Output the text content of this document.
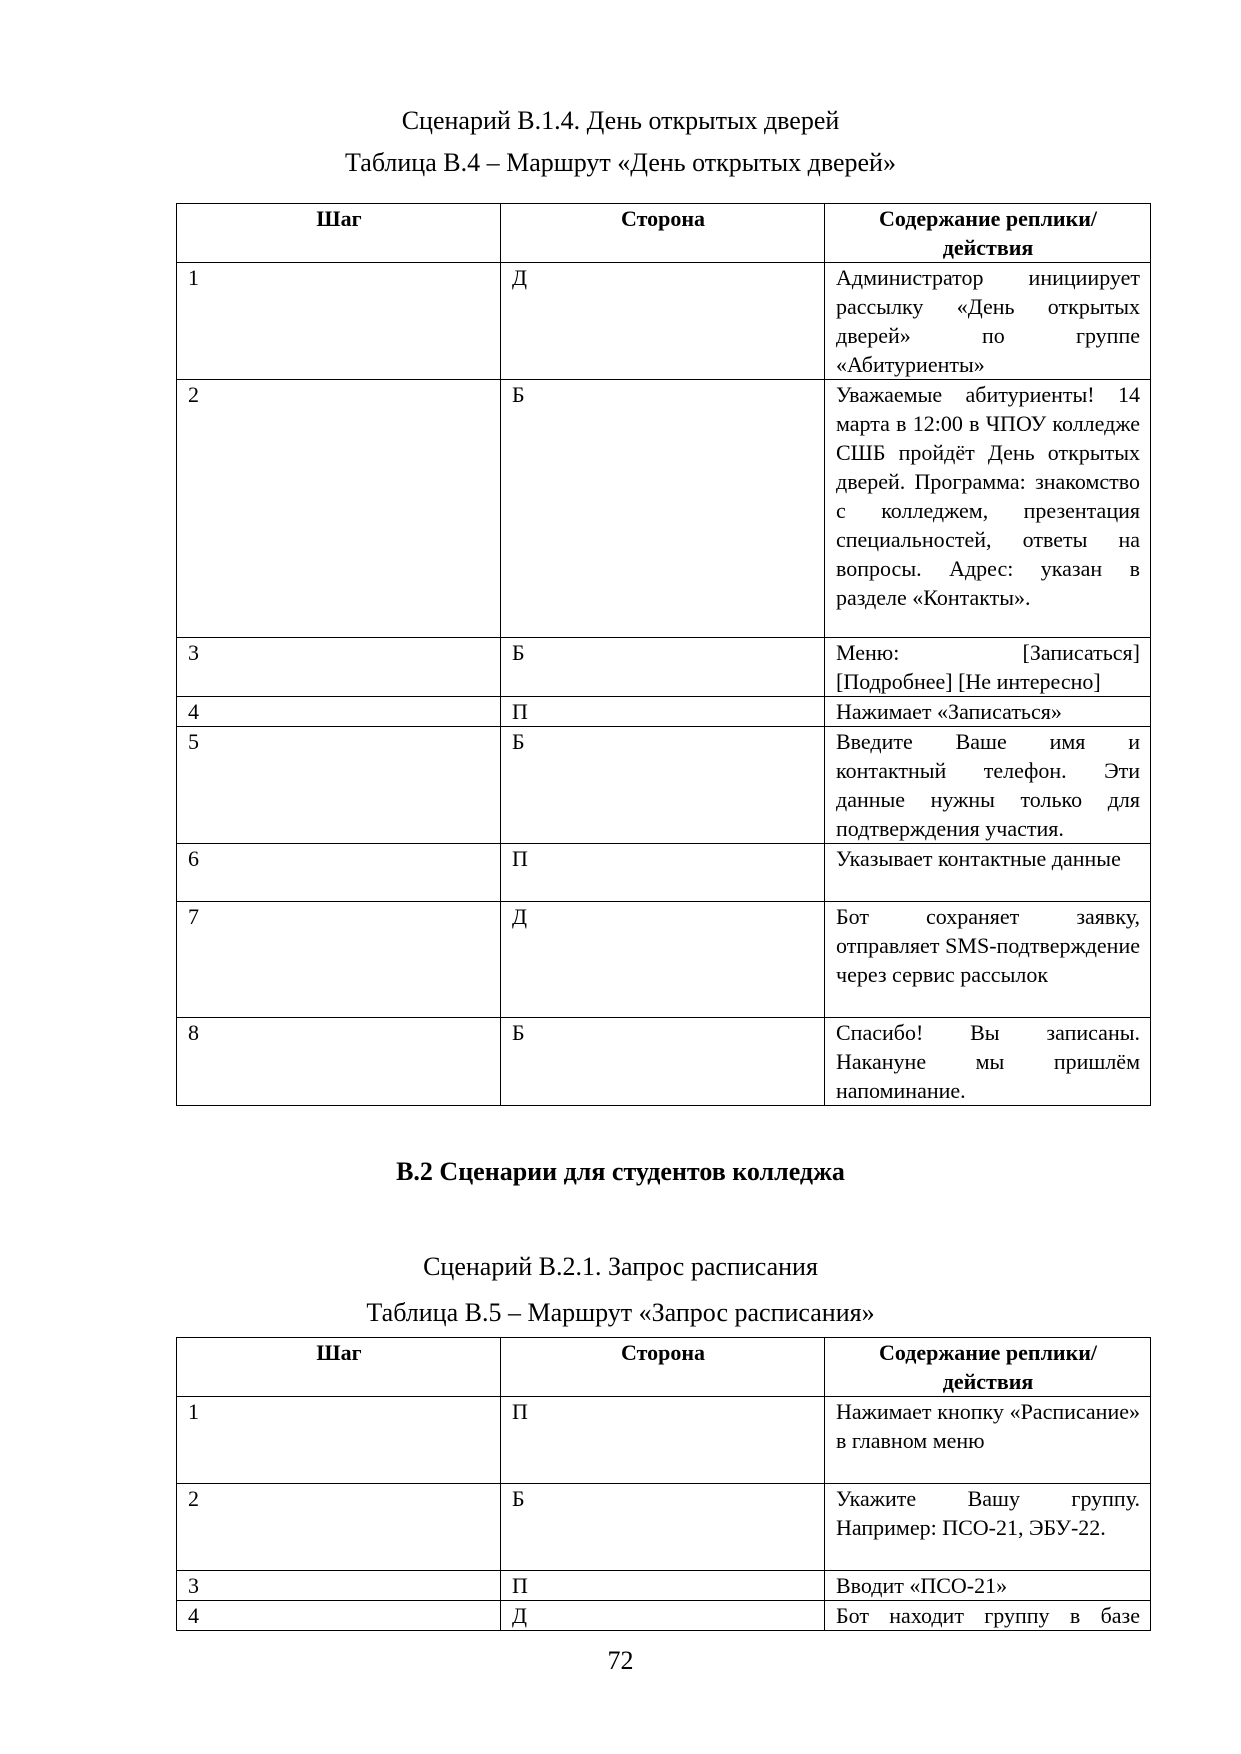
Сценарий В.1.4. День открытых дверей
Таблица В.4 – Маршрут «День открытых дверей»
Шаг	Сторона	Содержание реплики/действия
1	Д	Администратор инициирует рассылку «День открытых дверей» по группе «Абитуриенты»
2	Б	Уважаемые абитуриенты! 14 марта в 12:00 в ЧПОУ колледже СШБ пройдёт День открытых дверей. Программа: знакомство с колледжем, презентация специальностей, ответы на вопросы. Адрес: указан в разделе «Контакты».
3	Б	Меню: [Записаться] [Подробнее] [Не интересно]
4	П	Нажимает «Записаться»
5	Б	Введите Ваше имя и контактный телефон. Эти данные нужны только для подтверждения участия.
6	П	Указывает контактные данные
7	Д	Бот сохраняет заявку, отправляет SMS-подтверждение через сервис рассылок
8	Б	Спасибо! Вы записаны. Накануне мы пришлём напоминание.
В.2 Сценарии для студентов колледжа
Сценарий В.2.1. Запрос расписания
Таблица В.5 – Маршрут «Запрос расписания»
Шаг	Сторона	Содержание реплики/действия
1	П	Нажимает кнопку «Расписание» в главном меню
2	Б	Укажите Вашу группу. Например: ПСО-21, ЭБУ-22.
3	П	Вводит «ПСО-21»
4	Д	Бот находит группу в базе
72
